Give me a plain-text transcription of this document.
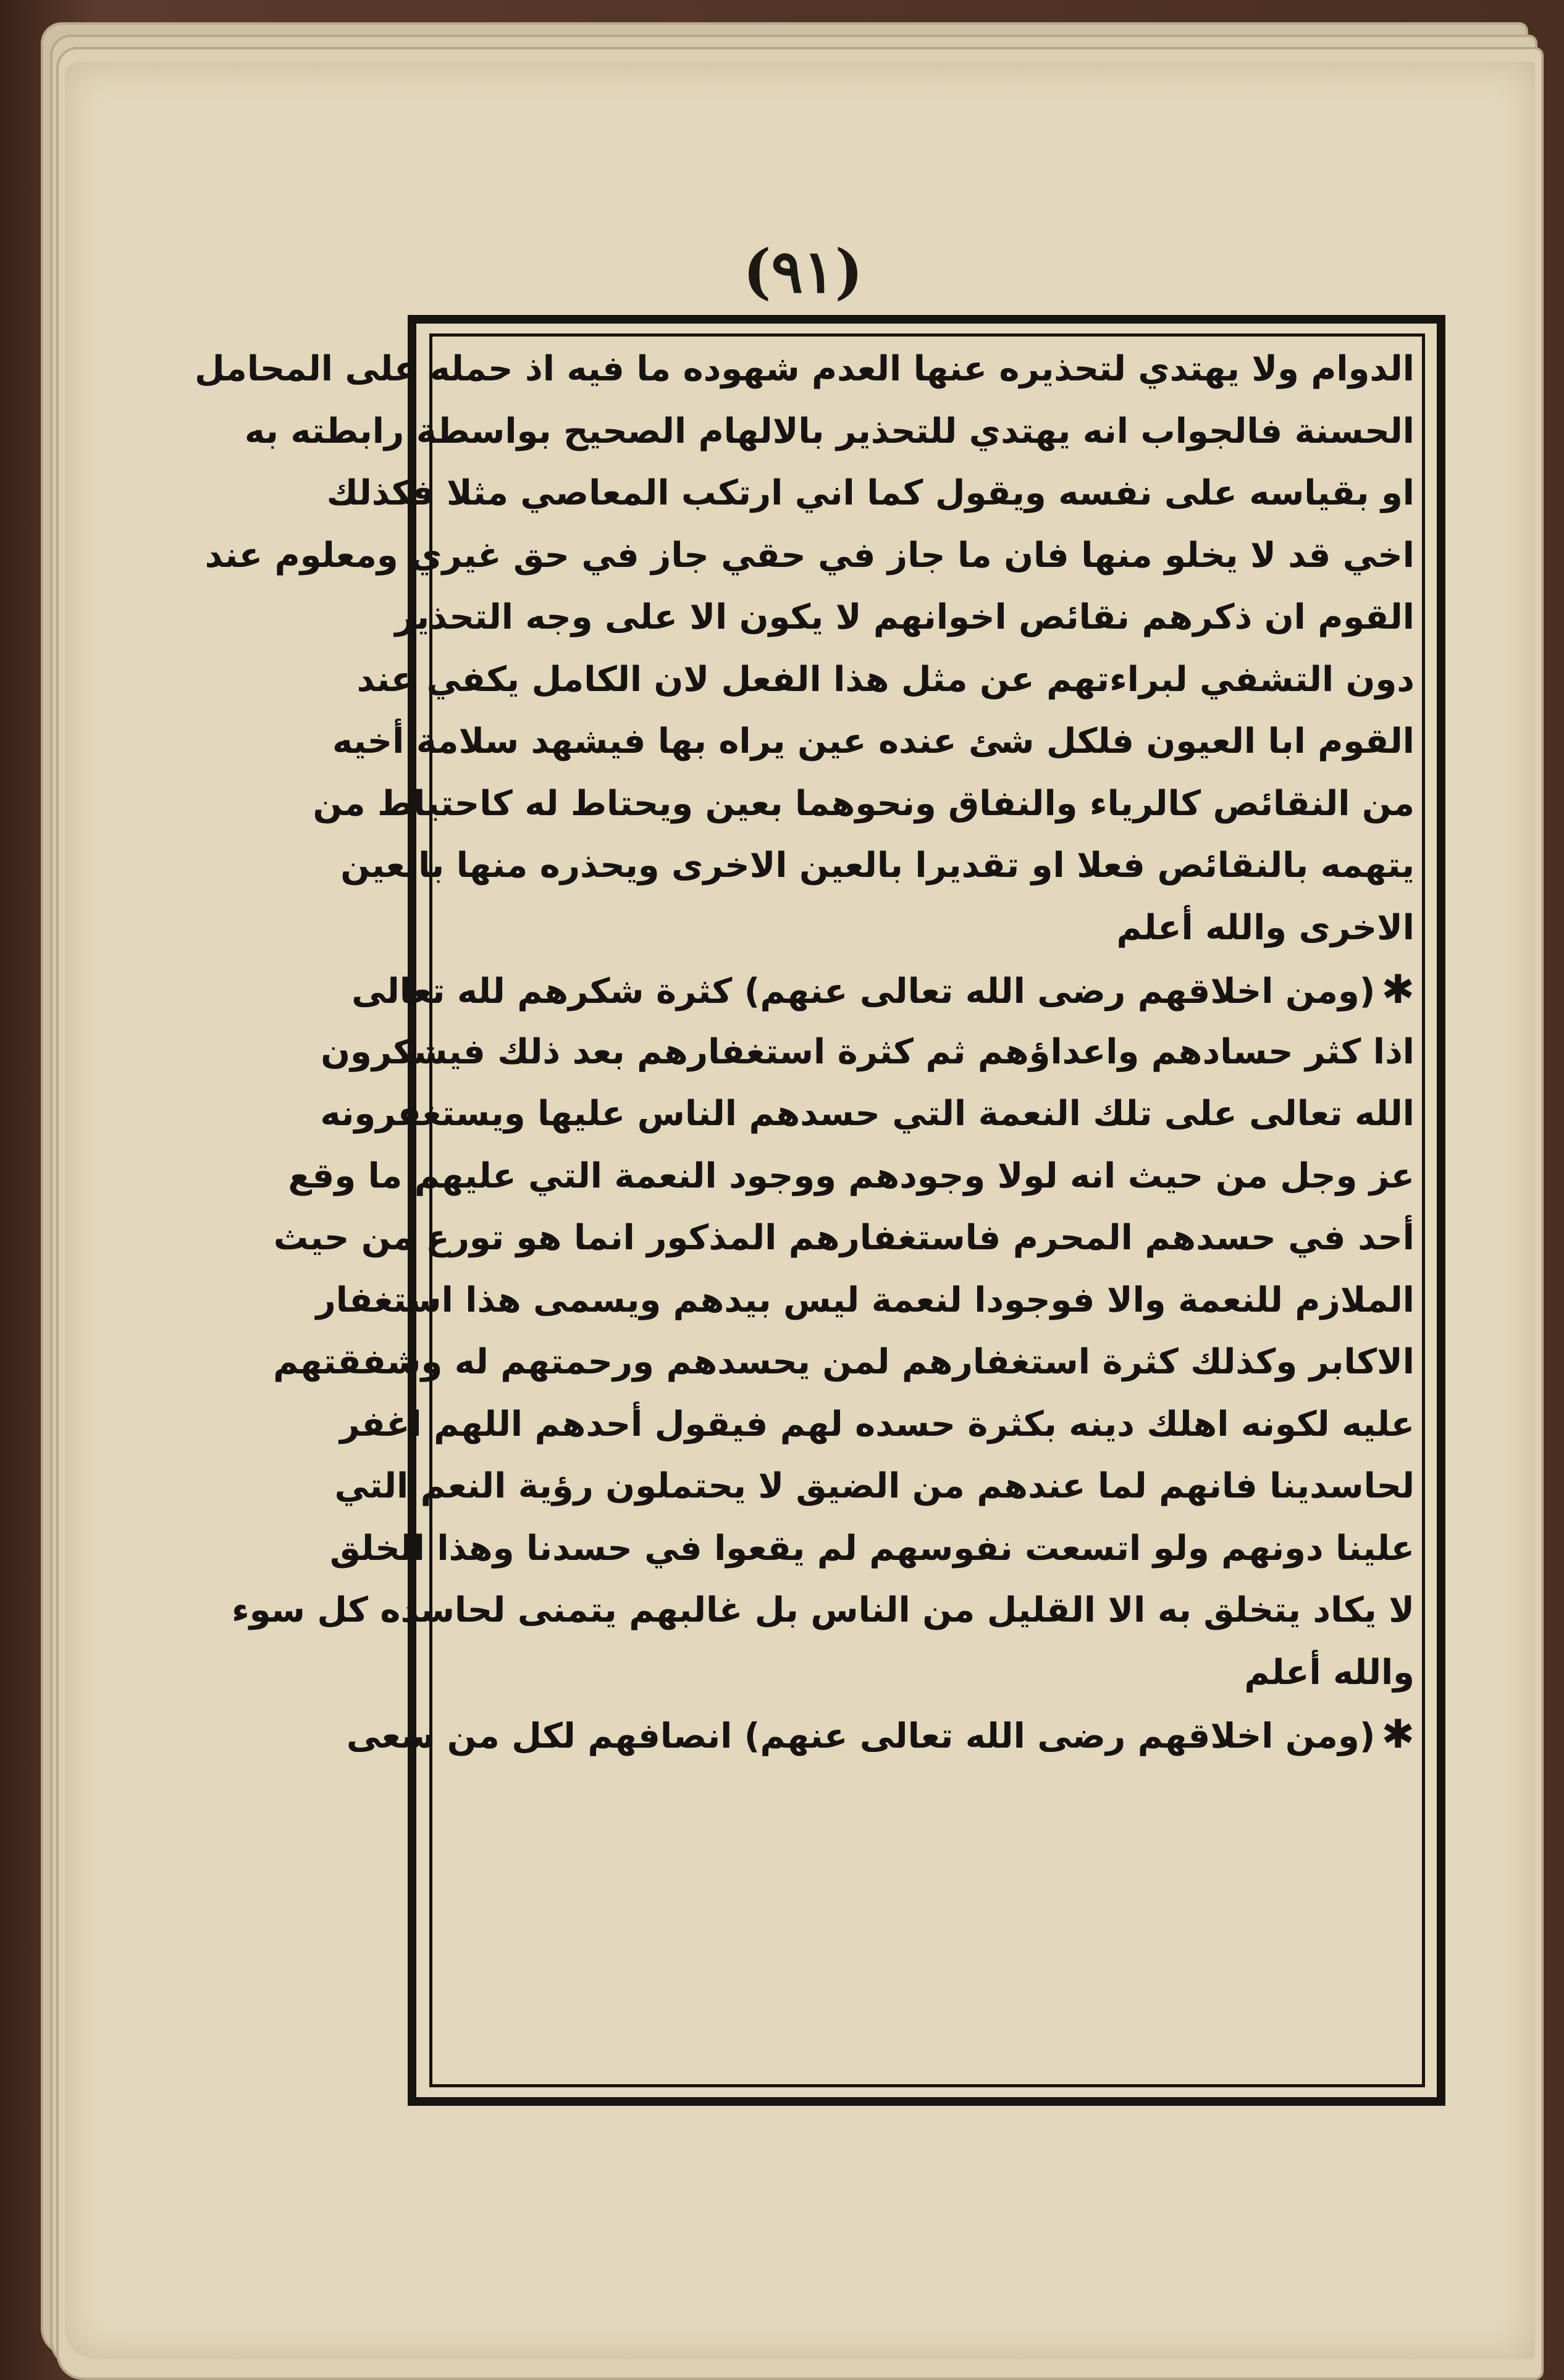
(٩١)
الدوام ولا يهتدي لتحذيره عنها العدم شهوده ما فيه اذ حمله على المحامل
الحسنة فالجواب انه يهتدي للتحذير بالالهام الصحيح بواسطة رابطته به
او بقياسه على نفسه ويقول كما اني ارتكب المعاصي مثلا فكذلك
اخي قد لا يخلو منها فان ما جاز في حقي جاز في حق غيري ومعلوم عند
القوم ان ذكرهم نقائص اخوانهم لا يكون الا على وجه التحذير
دون التشفي لبراءتهم عن مثل هذا الفعل لان الكامل يكفي عند
القوم ابا العيون فلكل شئ عنده عين يراه بها فيشهد سلامة أخيه
من النقائص كالرياء والنفاق ونحوهما بعين ويحتاط له كاحتياط من
يتهمه بالنقائص فعلا او تقديرا بالعين الاخرى ويحذره منها بالعين
الاخرى والله أعلم
✱(ومن اخلاقهم رضى الله تعالى عنهم) كثرة شكرهم لله تعالى
اذا كثر حسادهم واعداؤهم ثم كثرة استغفارهم بعد ذلك فيشكرون
الله تعالى على تلك النعمة التي حسدهم الناس عليها ويستغفرونه
عز وجل من حيث انه لولا وجودهم ووجود النعمة التي عليهم ما وقع
أحد في حسدهم المحرم فاستغفارهم المذكور انما هو تورع من حيث
الملازم للنعمة والا فوجودا لنعمة ليس بيدهم ويسمى هذا استغفار
الاكابر وكذلك كثرة استغفارهم لمن يحسدهم ورحمتهم له وشفقتهم
عليه لكونه اهلك دينه بكثرة حسده لهم فيقول أحدهم اللهم اغفر
لحاسدينا فانهم لما عندهم من الضيق لا يحتملون رؤية النعم التي
علينا دونهم ولو اتسعت نفوسهم لم يقعوا في حسدنا وهذا الخلق
لا يكاد يتخلق به الا القليل من الناس بل غالبهم يتمنى لحاسده كل سوء
والله أعلم
✱(ومن اخلاقهم رضى الله تعالى عنهم) انصافهم لكل من سعى
